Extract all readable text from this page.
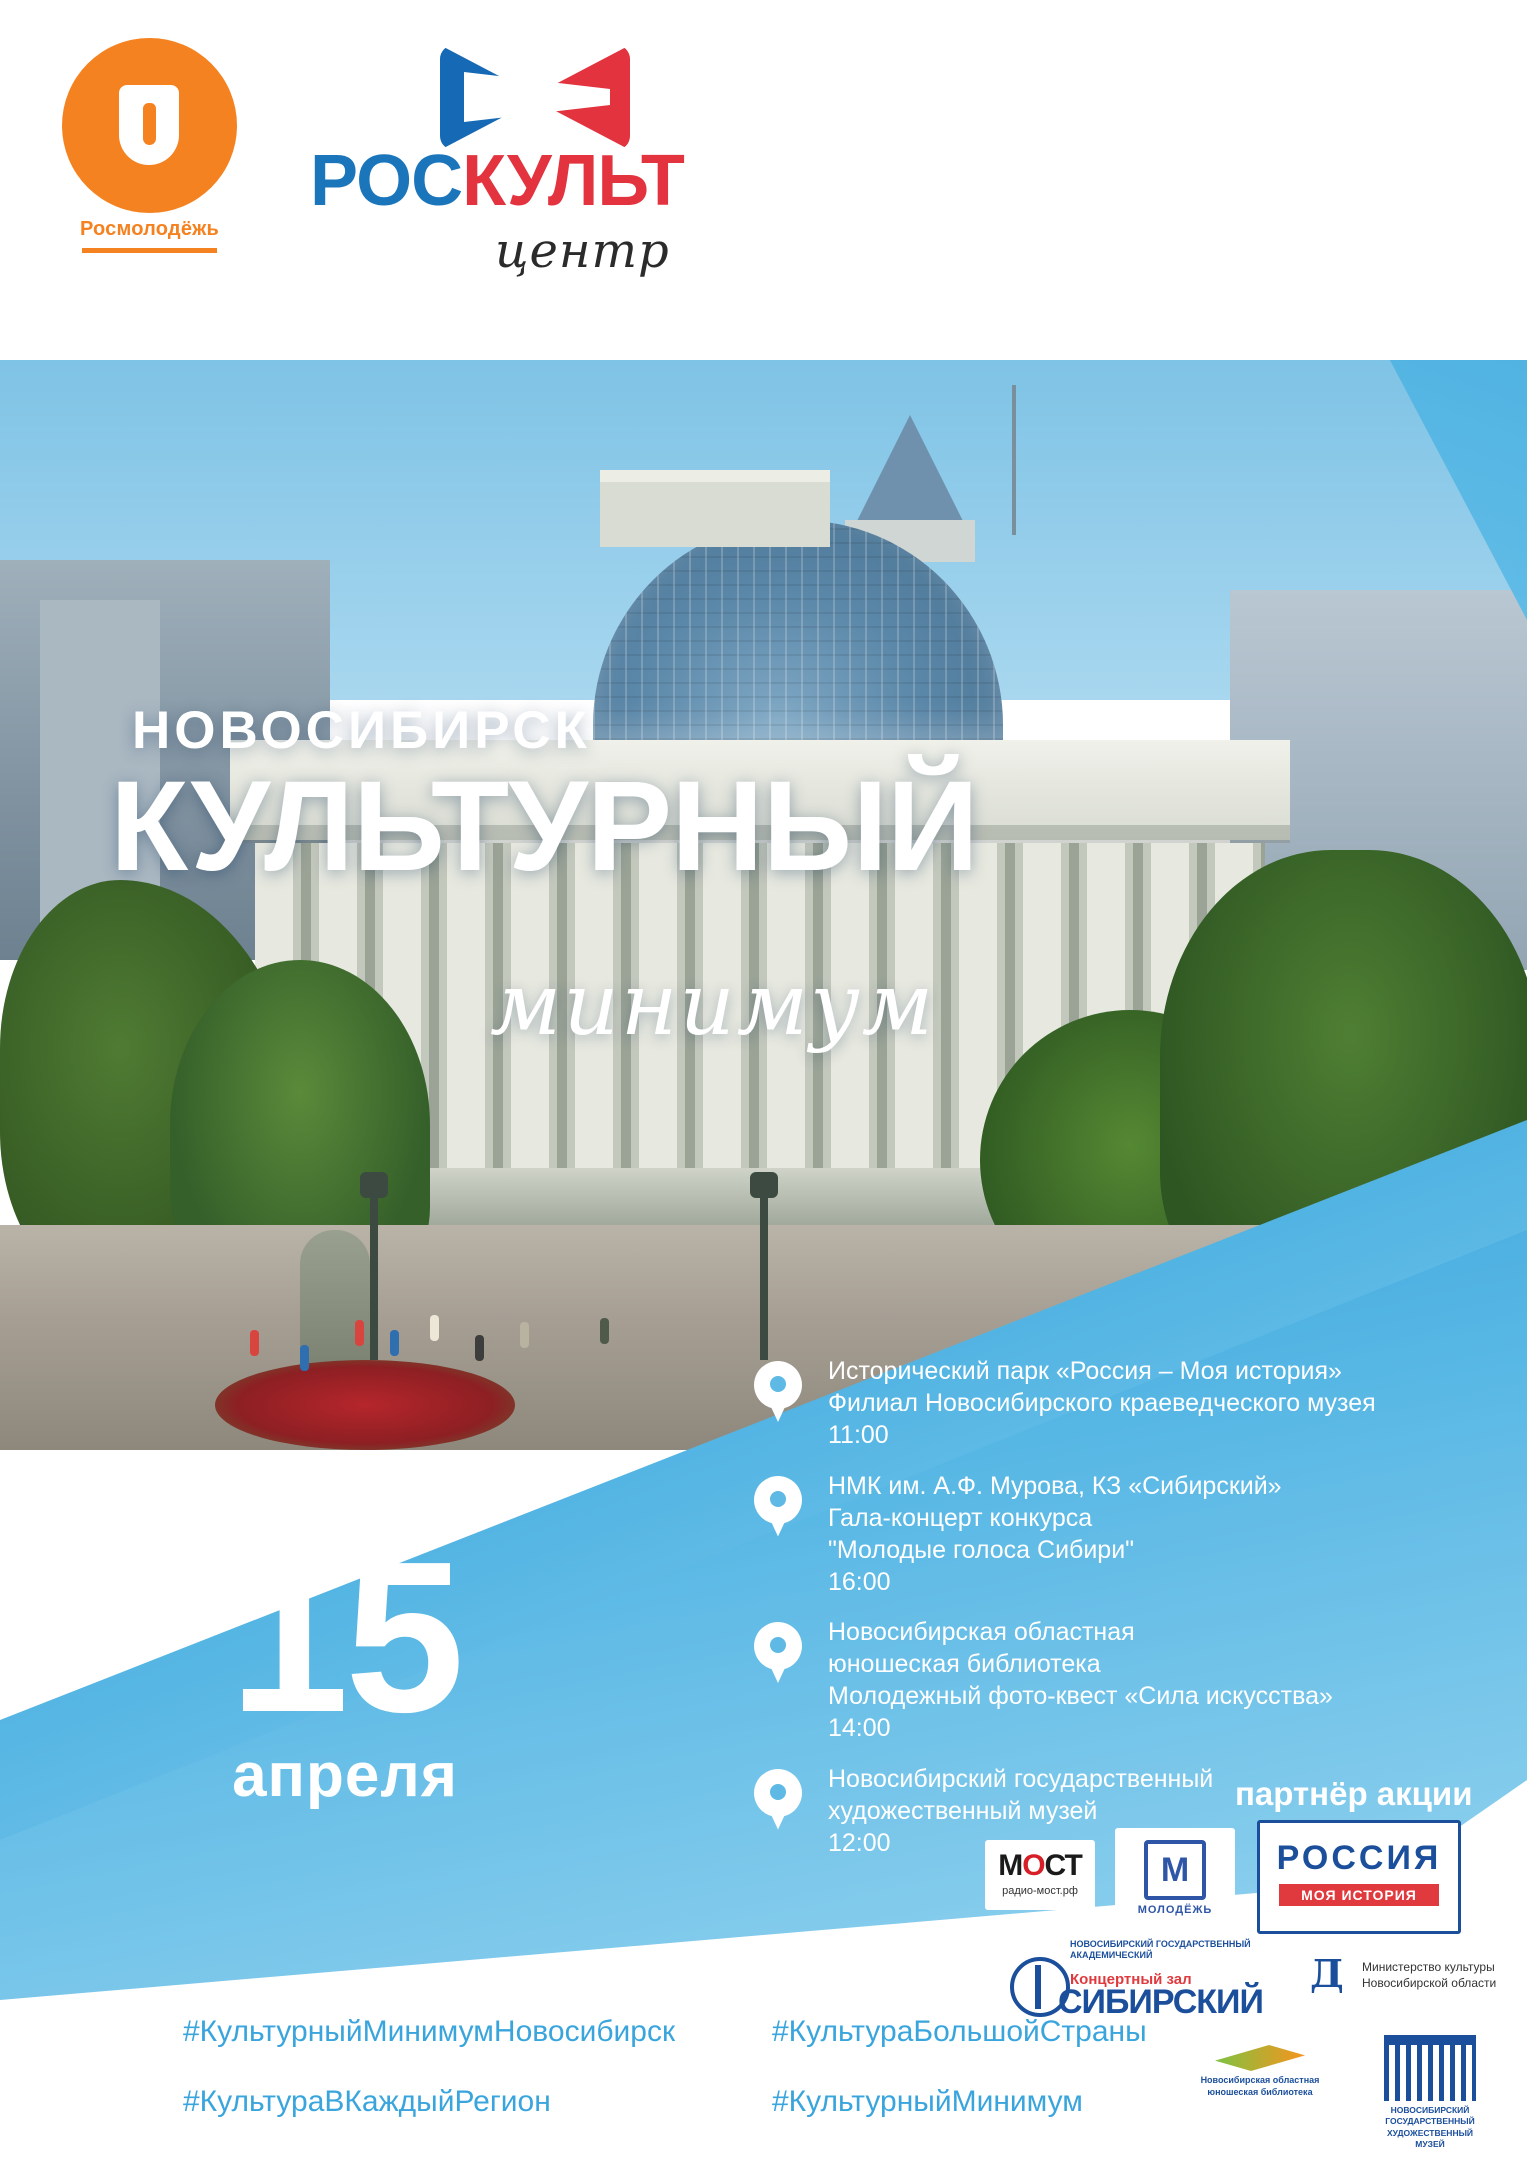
Росмолодёжь
РОСКУЛЬТ
центр
НОВОСИБИРСК
КУЛЬТУРНЫЙ
минимум
15
апреля
Исторический парк «Россия – Моя история»
Филиал Новосибирского краеведческого музея
11:00
НМК им. А.Ф. Мурова, КЗ «Сибирский»
Гала-концерт конкурса
"Молодые голоса Сибири"
16:00
Новосибирская областная
юношеская библиотека
Молодежный фото-квест «Сила искусства»
14:00
Новосибирский государственный
художественный музей
12:00
партнёр акции
МОСТ
радио-мост.рф
М
МОЛОДЁЖЬ
РОССИЯ
МОЯ ИСТОРИЯ
НОВОСИБИРСКИЙ ГОСУДАРСТВЕННЫЙ АКАДЕМИЧЕСКИЙ
Концертный зал
СИБИРСКИЙ
Д Министерство культуры
Новосибирской области
#КультурныйМинимумНовосибирск	#КультураБольшойСтраны
#КультураВКаждыйРегион	#КультурныйМинимум
Новосибирская областная
юношеская библиотека
НОВОСИБИРСКИЙ
ГОСУДАРСТВЕННЫЙ
ХУДОЖЕСТВЕННЫЙ
МУЗЕЙ
